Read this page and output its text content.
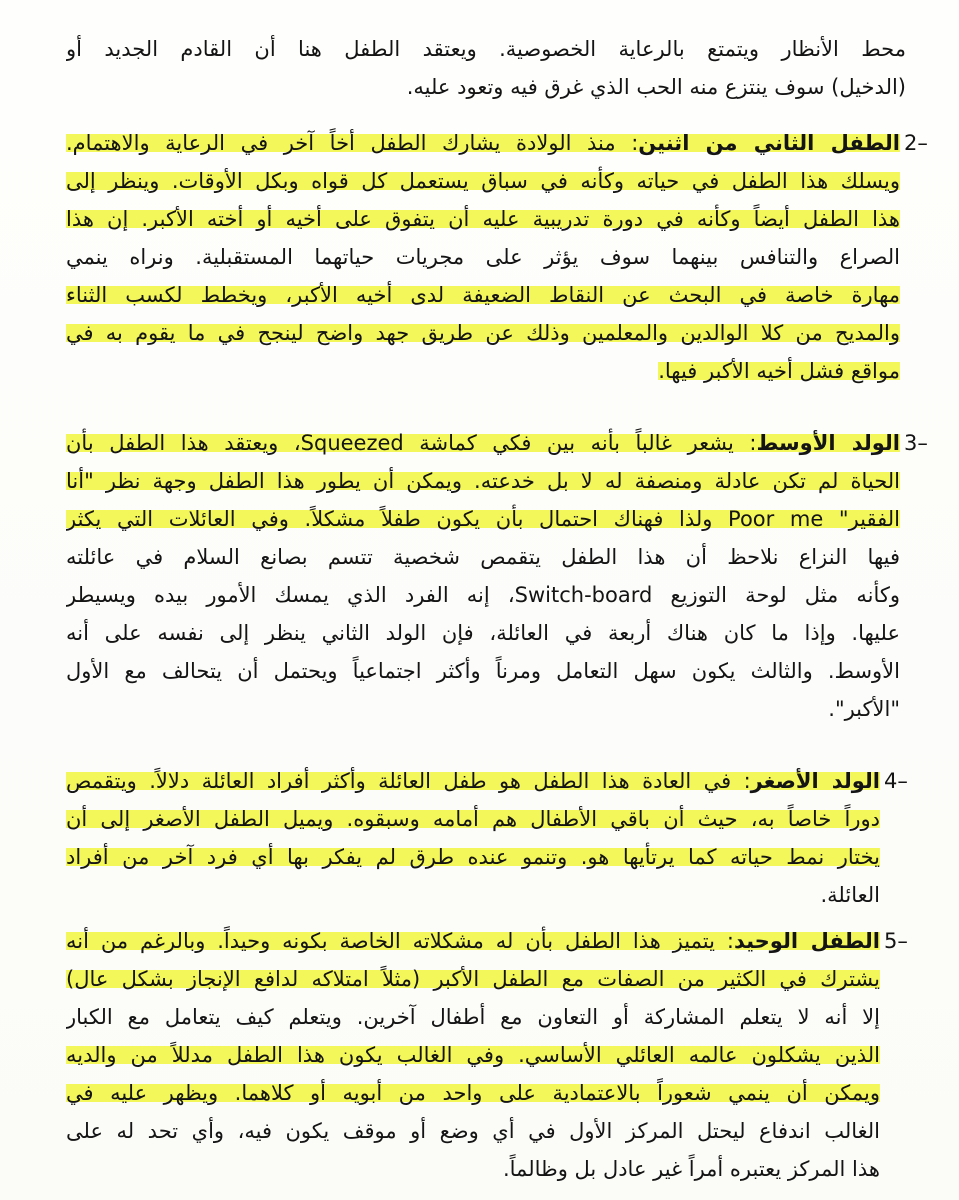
محط الأنظار ويتمتع بالرعاية الخصوصية. ويعتقد الطفل هنا أن القادم الجديد أو
(الدخيل) سوف ينتزع منه الحب الذي غرق فيه وتعود عليه.
2–
الطفل الثاني من اثنين: منذ الولادة يشارك الطفل أخاً آخر في الرعاية والاهتمام.
ويسلك هذا الطفل في حياته وكأنه في سباق يستعمل كل قواه وبكل الأوقات. وينظر إلى
هذا الطفل أيضاً وكأنه في دورة تدريبية عليه أن يتفوق على أخيه أو أخته الأكبر. إن هذا
الصراع والتنافس بينهما سوف يؤثر على مجريات حياتهما المستقبلية. ونراه ينمي
مهارة خاصة في البحث عن النقاط الضعيفة لدى أخيه الأكبر، ويخطط لكسب الثناء
والمديح من كلا الوالدين والمعلمين وذلك عن طريق جهد واضح لينجح في ما يقوم به في
مواقع فشل أخيه الأكبر فيها.
3–
الولد الأوسط: يشعر غالباً بأنه بين فكي كماشة Squeezed، ويعتقد هذا الطفل بأن
الحياة لم تكن عادلة ومنصفة له لا بل خدعته. ويمكن أن يطور هذا الطفل وجهة نظر "أنا
الفقير" Poor me ولذا فهناك احتمال بأن يكون طفلاً مشكلاً. وفي العائلات التي يكثر
فيها النزاع نلاحظ أن هذا الطفل يتقمص شخصية تتسم بصانع السلام في عائلته
وكأنه مثل لوحة التوزيع Switch-board، إنه الفرد الذي يمسك الأمور بيده ويسيطر
عليها. وإذا ما كان هناك أربعة في العائلة، فإن الولد الثاني ينظر إلى نفسه على أنه
الأوسط. والثالث يكون سهل التعامل ومرناً وأكثر اجتماعياً ويحتمل أن يتحالف مع الأول
"الأكبر".
4–
الولد الأصغر: في العادة هذا الطفل هو طفل العائلة وأكثر أفراد العائلة دلالاً. ويتقمص
دوراً خاصاً به، حيث أن باقي الأطفال هم أمامه وسبقوه. ويميل الطفل الأصغر إلى أن
يختار نمط حياته كما يرتأيها هو. وتنمو عنده طرق لم يفكر بها أي فرد آخر من أفراد
العائلة.
5–
الطفل الوحيد: يتميز هذا الطفل بأن له مشكلاته الخاصة بكونه وحيداً. وبالرغم من أنه
يشترك في الكثير من الصفات مع الطفل الأكبر (مثلاً امتلاكه لدافع الإنجاز بشكل عال)
إلا أنه لا يتعلم المشاركة أو التعاون مع أطفال آخرين. ويتعلم كيف يتعامل مع الكبار
الذين يشكلون عالمه العائلي الأساسي. وفي الغالب يكون هذا الطفل مدللاً من والديه
ويمكن أن ينمي شعوراً بالاعتمادية على واحد من أبويه أو كلاهما. ويظهر عليه في
الغالب اندفاع ليحتل المركز الأول في أي وضع أو موقف يكون فيه، وأي تحد له على
هذا المركز يعتبره أمراً غير عادل بل وظالماً.
